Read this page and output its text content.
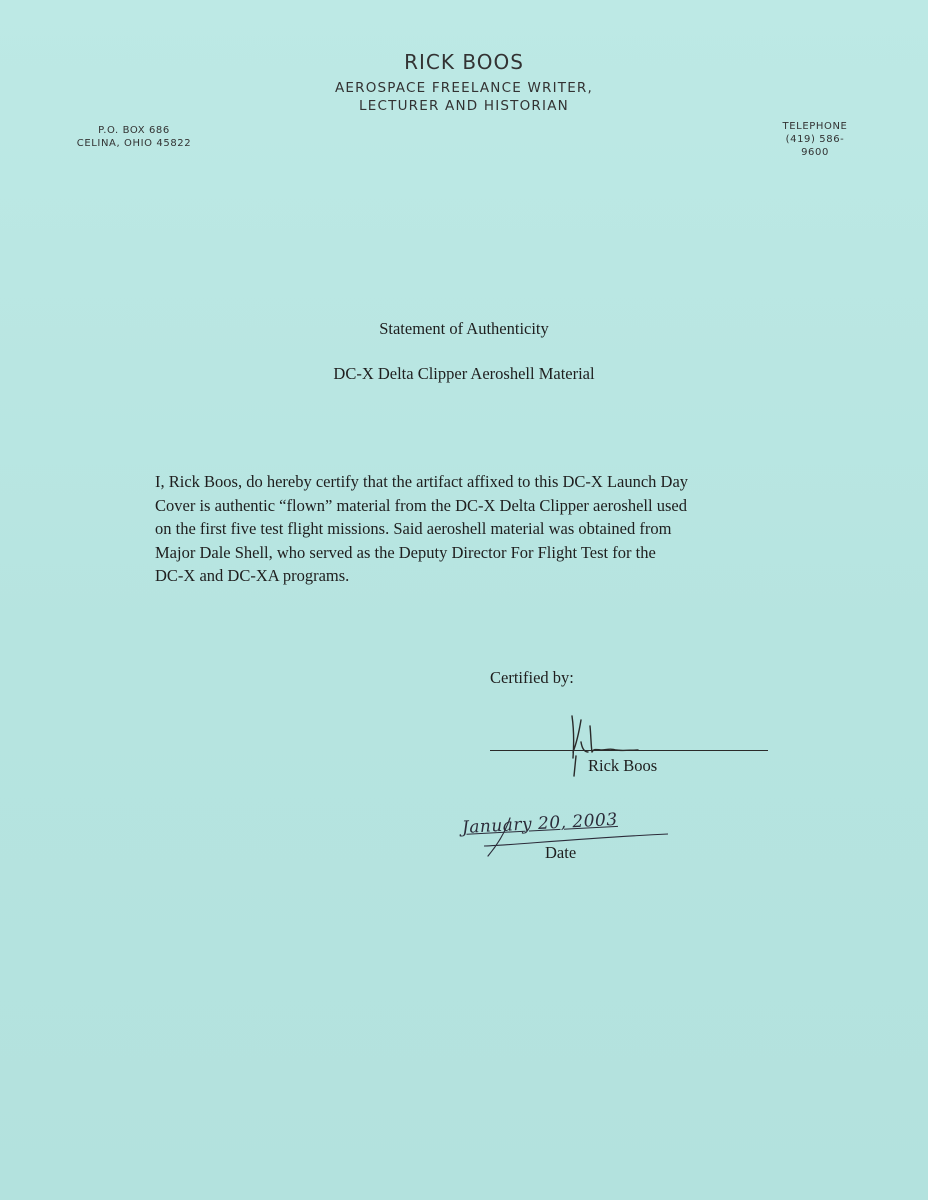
RICK BOOS
AEROSPACE FREELANCE WRITER,
LECTURER AND HISTORIAN
P.O. BOX 686
CELINA, OHIO 45822
TELEPHONE
(419) 586-9600
Statement of Authenticity
DC-X Delta Clipper Aeroshell Material
I, Rick Boos, do hereby certify that the artifact affixed to this DC-X Launch Day
Cover is authentic “flown” material from the DC-X Delta Clipper aeroshell used
on the first five test flight missions. Said aeroshell material was obtained from
Major Dale Shell, who served as the Deputy Director For Flight Test for the
DC-X and DC-XA programs.
Certified by:
Rick Boos
January 20, 2003
Date
